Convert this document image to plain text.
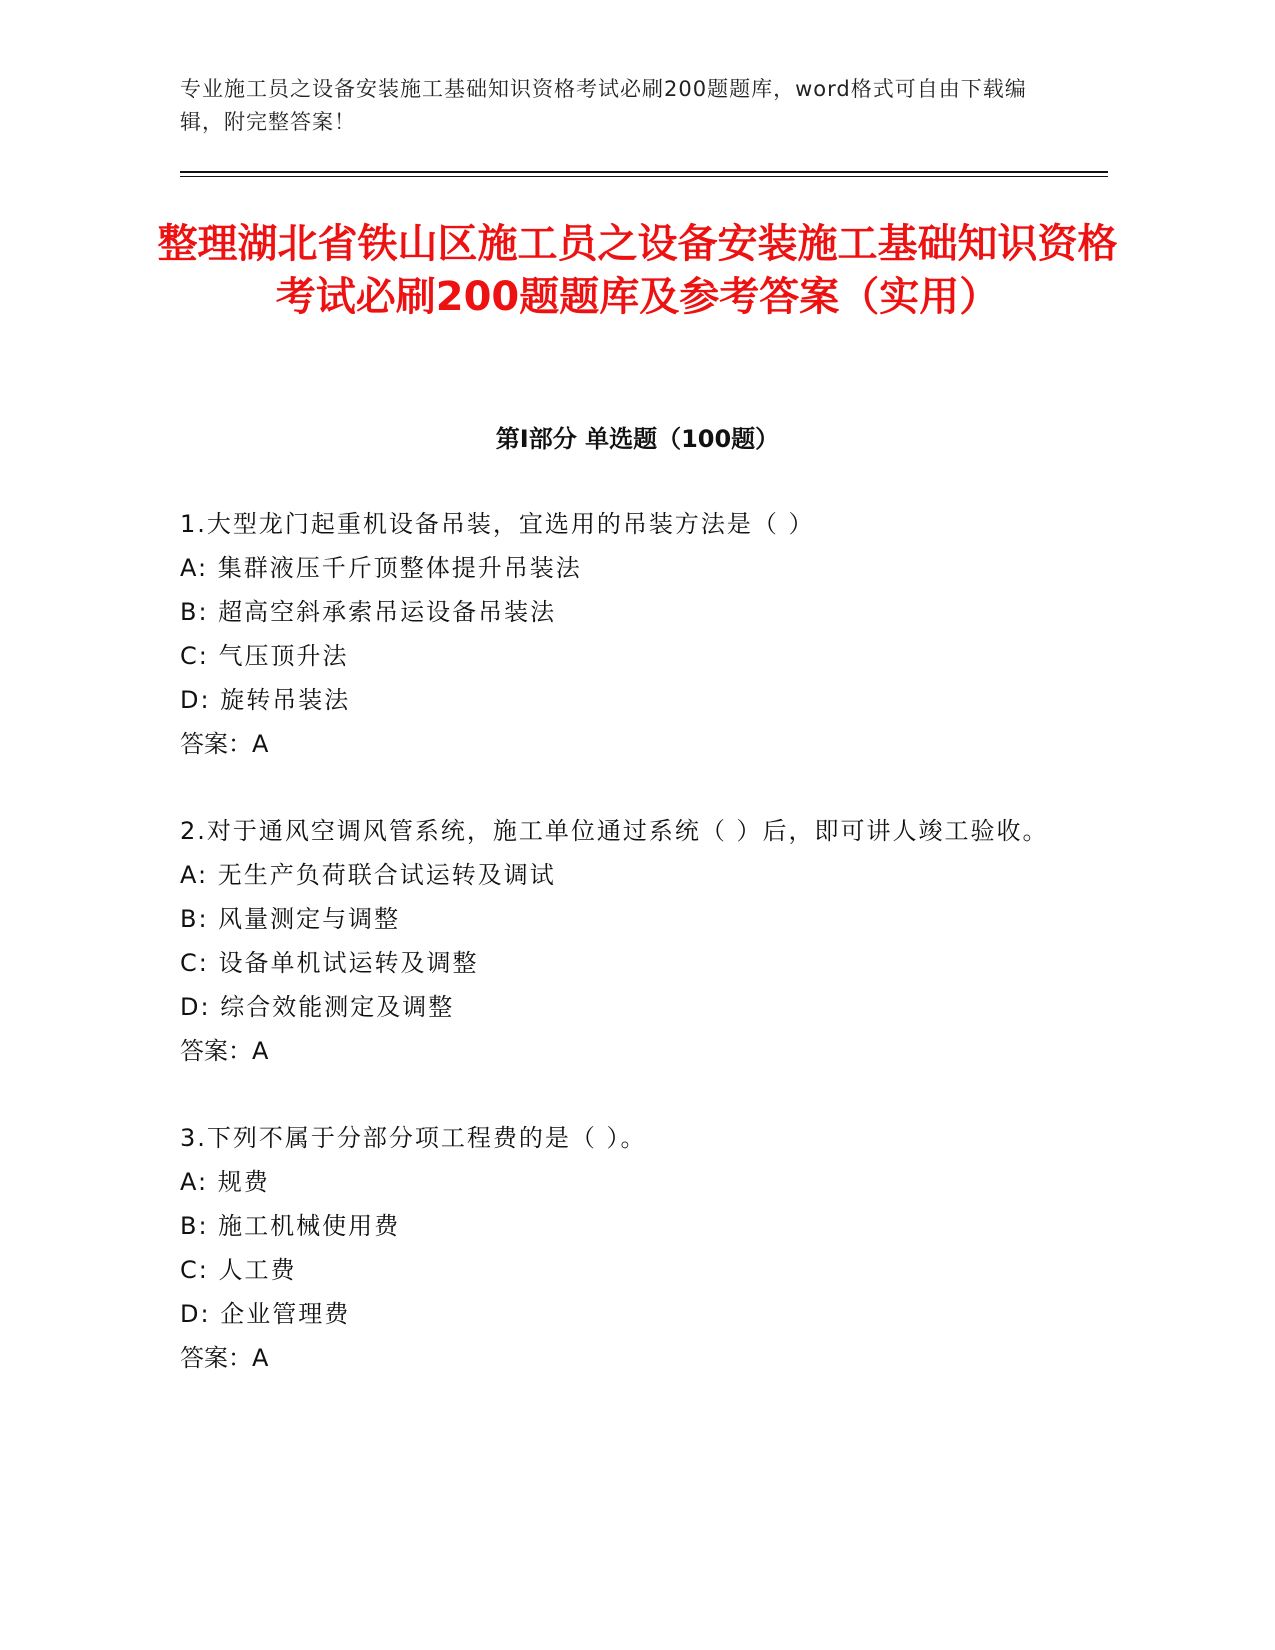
专业施工员之设备安装施工基础知识资格考试必刷200题题库，word格式可自由下载编辑，附完整答案！

整理湖北省铁山区施工员之设备安装施工基础知识资格考试必刷200题题库及参考答案（实用）
第Ⅰ部分 单选题（100题）

1.大型龙门起重机设备吊装，宜选用的吊装方法是（ ）

A: 集群液压千斤顶整体提升吊装法

B: 超高空斜承索吊运设备吊装法

C: 气压顶升法

D: 旋转吊装法

答案：A

2.对于通风空调风管系统，施工单位通过系统（ ）后，即可讲人竣工验收。

A: 无生产负荷联合试运转及调试

B: 风量测定与调整

C: 设备单机试运转及调整

D: 综合效能测定及调整

答案：A

3.下列不属于分部分项工程费的是（ ）。

A: 规费

B: 施工机械使用费

C: 人工费

D: 企业管理费

答案：A
